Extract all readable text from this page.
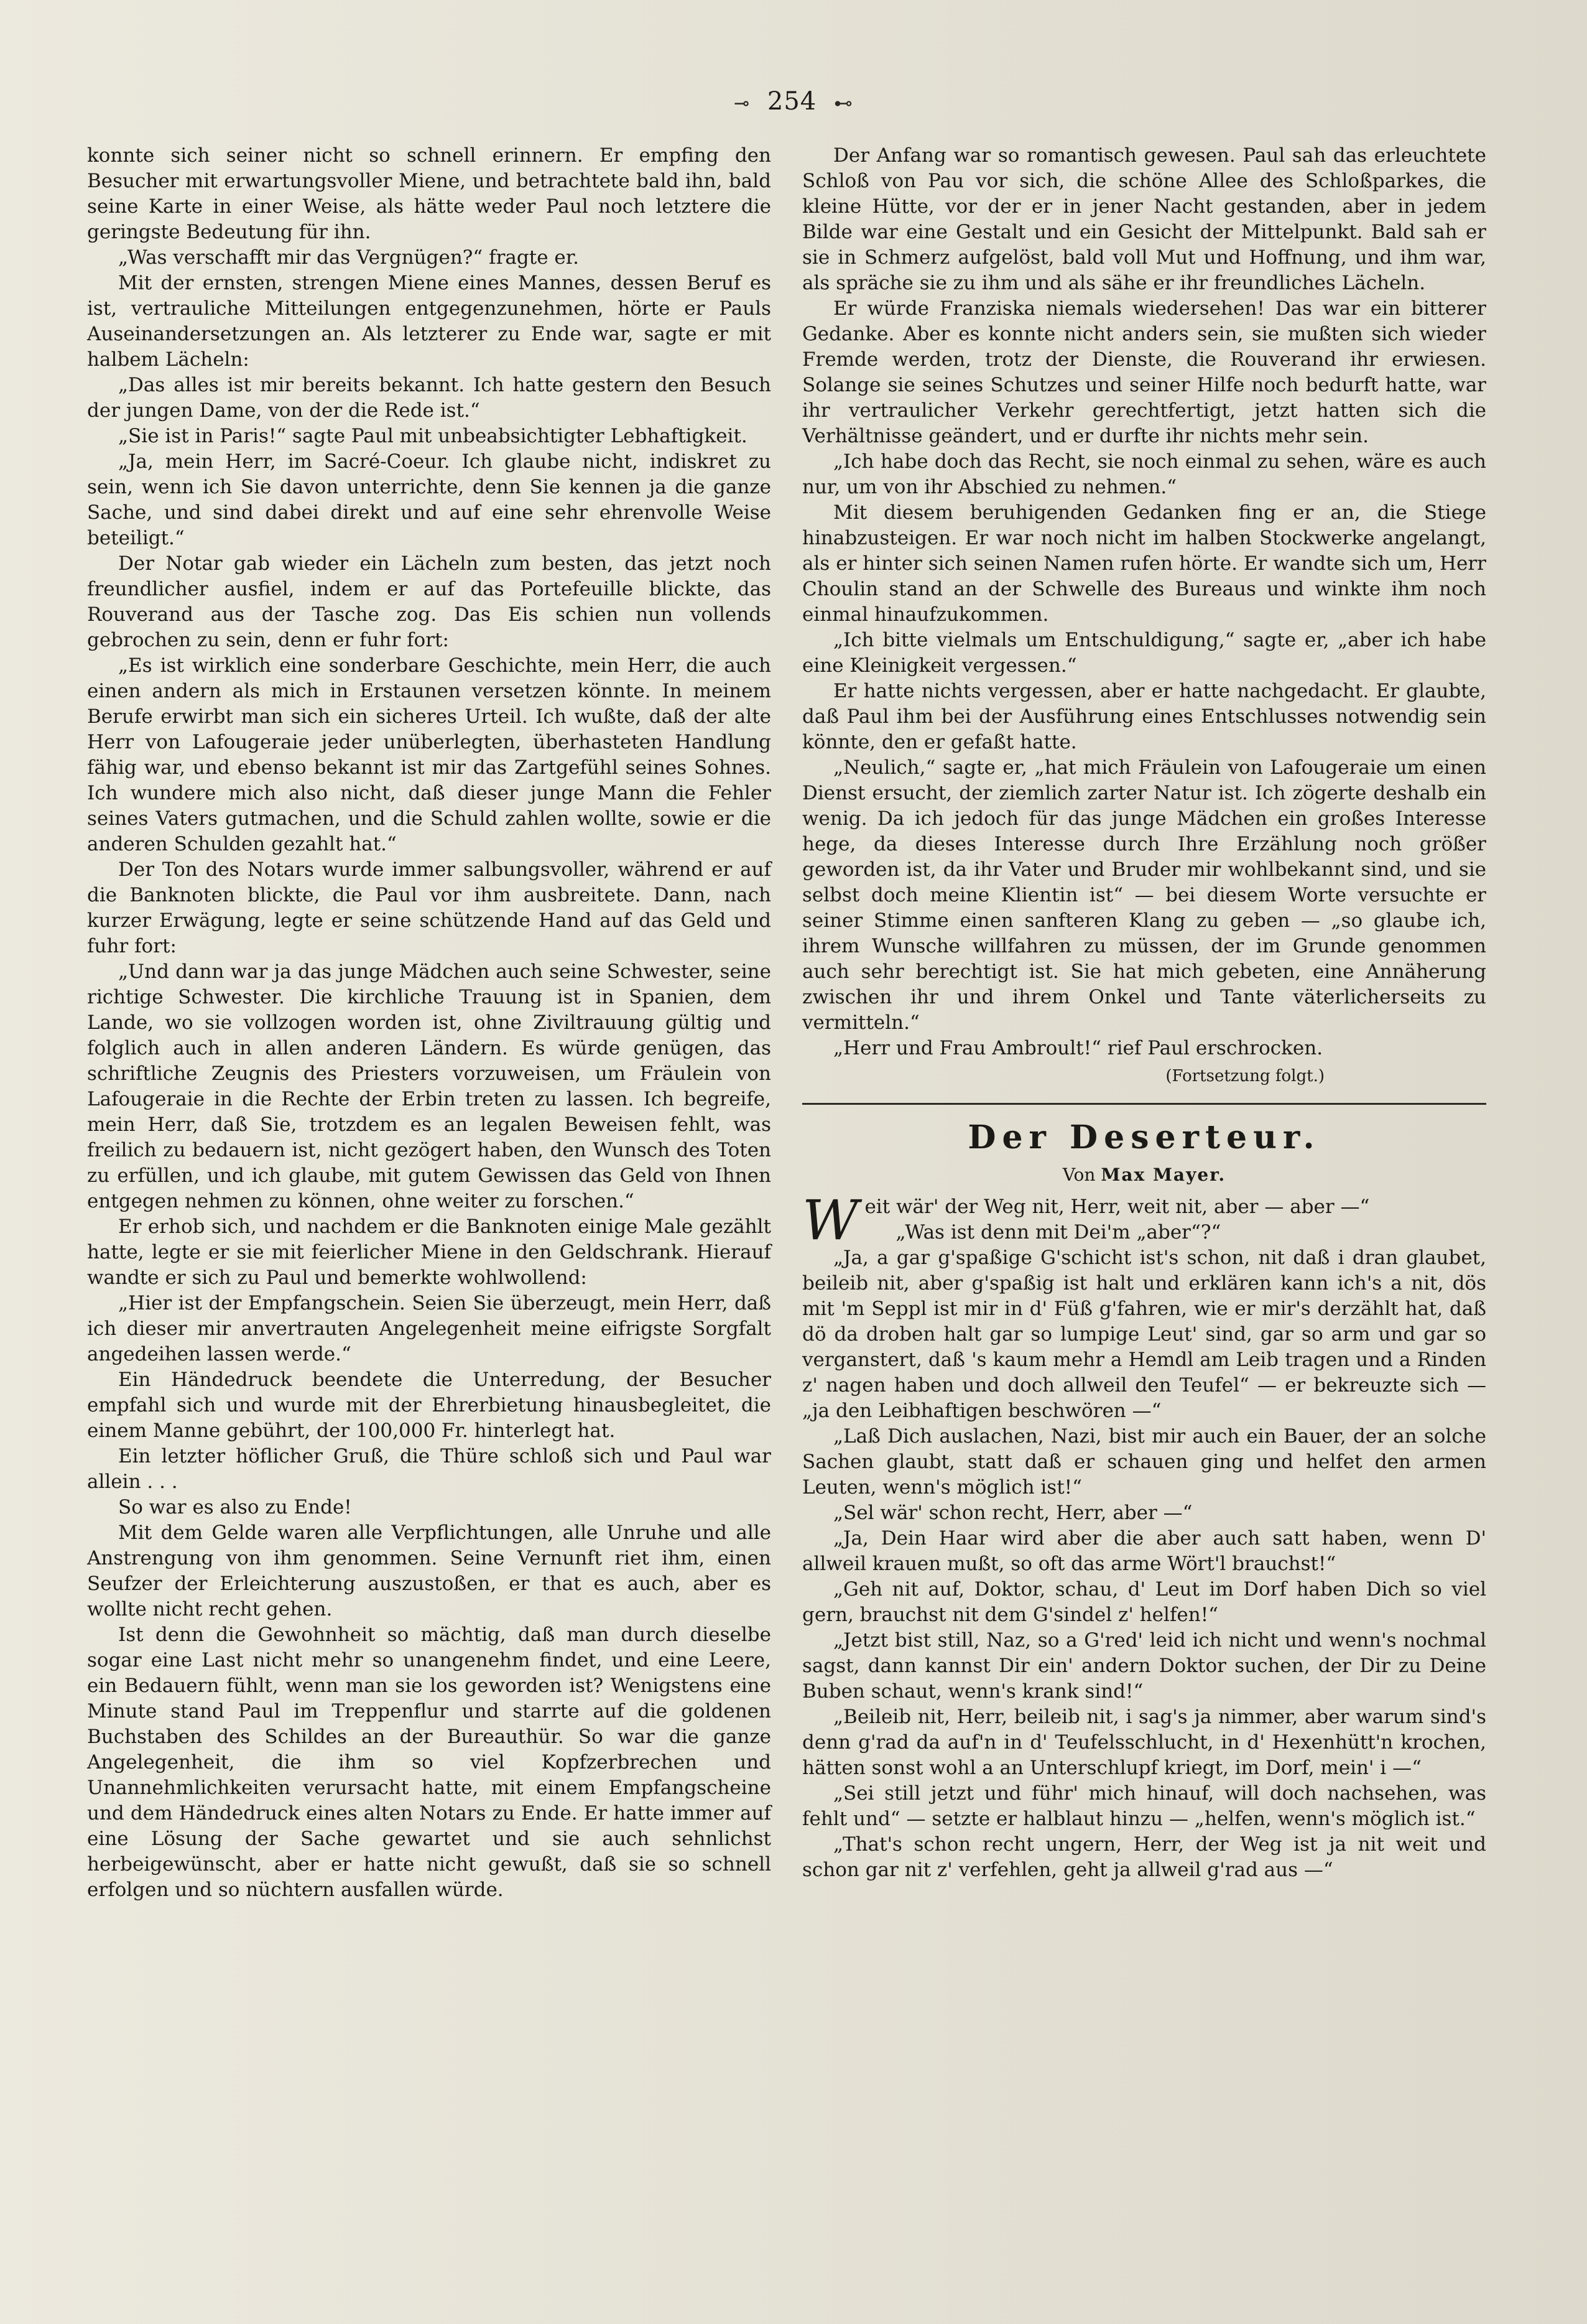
⊸ 254 ⊷

konnte sich seiner nicht so schnell erinnern. Er empfing den Besucher mit erwartungsvoller Miene, und betrachtete bald ihn, bald seine Karte in einer Weise, als hätte weder Paul noch letztere die geringste Bedeutung für ihn.

„Was verschafft mir das Vergnügen?“ fragte er.

Mit der ernsten, strengen Miene eines Mannes, dessen Beruf es ist, vertrauliche Mitteilungen entgegenzunehmen, hörte er Pauls Auseinandersetzungen an. Als letzterer zu Ende war, sagte er mit halbem Lächeln:

„Das alles ist mir bereits bekannt. Ich hatte gestern den Besuch der jungen Dame, von der die Rede ist.“

„Sie ist in Paris!“ sagte Paul mit unbeabsichtigter Lebhaftigkeit.

„Ja, mein Herr, im Sacré-Coeur. Ich glaube nicht, indiskret zu sein, wenn ich Sie davon unterrichte, denn Sie kennen ja die ganze Sache, und sind dabei direkt und auf eine sehr ehrenvolle Weise beteiligt.“

Der Notar gab wieder ein Lächeln zum besten, das jetzt noch freundlicher ausfiel, indem er auf das Portefeuille blickte, das Rouverand aus der Tasche zog. Das Eis schien nun vollends gebrochen zu sein, denn er fuhr fort:

„Es ist wirklich eine sonderbare Geschichte, mein Herr, die auch einen andern als mich in Erstaunen versetzen könnte. In meinem Berufe erwirbt man sich ein sicheres Urteil. Ich wußte, daß der alte Herr von Lafougeraie jeder unüberlegten, überhasteten Handlung fähig war, und ebenso bekannt ist mir das Zartgefühl seines Sohnes. Ich wundere mich also nicht, daß dieser junge Mann die Fehler seines Vaters gutmachen, und die Schuld zahlen wollte, sowie er die anderen Schulden gezahlt hat.“

Der Ton des Notars wurde immer salbungsvoller, während er auf die Banknoten blickte, die Paul vor ihm ausbreitete. Dann, nach kurzer Erwägung, legte er seine schützende Hand auf das Geld und fuhr fort:

„Und dann war ja das junge Mädchen auch seine Schwester, seine richtige Schwester. Die kirchliche Trauung ist in Spanien, dem Lande, wo sie vollzogen worden ist, ohne Ziviltrauung gültig und folglich auch in allen anderen Ländern. Es würde genügen, das schriftliche Zeugnis des Priesters vorzuweisen, um Fräulein von Lafougeraie in die Rechte der Erbin treten zu lassen. Ich begreife, mein Herr, daß Sie, trotzdem es an legalen Beweisen fehlt, was freilich zu bedauern ist, nicht gezögert haben, den Wunsch des Toten zu erfüllen, und ich glaube, mit gutem Gewissen das Geld von Ihnen entgegen nehmen zu können, ohne weiter zu forschen.“

Er erhob sich, und nachdem er die Banknoten einige Male gezählt hatte, legte er sie mit feierlicher Miene in den Geldschrank. Hierauf wandte er sich zu Paul und bemerkte wohlwollend:

„Hier ist der Empfangschein. Seien Sie überzeugt, mein Herr, daß ich dieser mir anvertrauten Angelegenheit meine eifrigste Sorgfalt angedeihen lassen werde.“

Ein Händedruck beendete die Unterredung, der Besucher empfahl sich und wurde mit der Ehrerbietung hinausbegleitet, die einem Manne gebührt, der 100,000 Fr. hinterlegt hat.

Ein letzter höflicher Gruß, die Thüre schloß sich und Paul war allein . . .

So war es also zu Ende!

Mit dem Gelde waren alle Verpflichtungen, alle Unruhe und alle Anstrengung von ihm genommen. Seine Vernunft riet ihm, einen Seufzer der Erleichterung auszustoßen, er that es auch, aber es wollte nicht recht gehen.

Ist denn die Gewohnheit so mächtig, daß man durch dieselbe sogar eine Last nicht mehr so unangenehm findet, und eine Leere, ein Bedauern fühlt, wenn man sie los geworden ist? Wenigstens eine Minute stand Paul im Treppenflur und starrte auf die goldenen Buchstaben des Schildes an der Bureauthür. So war die ganze Angelegenheit, die ihm so viel Kopfzerbrechen und Unannehmlichkeiten verursacht hatte, mit einem Empfangscheine und dem Händedruck eines alten Notars zu Ende. Er hatte immer auf eine Lösung der Sache gewartet und sie auch sehnlichst herbeigewünscht, aber er hatte nicht gewußt, daß sie so schnell erfolgen und so nüchtern ausfallen würde.

Der Anfang war so romantisch gewesen. Paul sah das erleuchtete Schloß von Pau vor sich, die schöne Allee des Schloßparkes, die kleine Hütte, vor der er in jener Nacht gestanden, aber in jedem Bilde war eine Gestalt und ein Gesicht der Mittelpunkt. Bald sah er sie in Schmerz aufgelöst, bald voll Mut und Hoffnung, und ihm war, als spräche sie zu ihm und als sähe er ihr freundliches Lächeln.

Er würde Franziska niemals wiedersehen! Das war ein bitterer Gedanke. Aber es konnte nicht anders sein, sie mußten sich wieder Fremde werden, trotz der Dienste, die Rouverand ihr erwiesen. Solange sie seines Schutzes und seiner Hilfe noch bedurft hatte, war ihr vertraulicher Verkehr gerechtfertigt, jetzt hatten sich die Verhältnisse geändert, und er durfte ihr nichts mehr sein.

„Ich habe doch das Recht, sie noch einmal zu sehen, wäre es auch nur, um von ihr Abschied zu nehmen.“

Mit diesem beruhigenden Gedanken fing er an, die Stiege hinabzusteigen. Er war noch nicht im halben Stockwerke angelangt, als er hinter sich seinen Namen rufen hörte. Er wandte sich um, Herr Choulin stand an der Schwelle des Bureaus und winkte ihm noch einmal hinaufzukommen.

„Ich bitte vielmals um Entschuldigung,“ sagte er, „aber ich habe eine Kleinigkeit vergessen.“

Er hatte nichts vergessen, aber er hatte nachgedacht. Er glaubte, daß Paul ihm bei der Ausführung eines Entschlusses notwendig sein könnte, den er gefaßt hatte.

„Neulich,“ sagte er, „hat mich Fräulein von Lafougeraie um einen Dienst ersucht, der ziemlich zarter Natur ist. Ich zögerte deshalb ein wenig. Da ich jedoch für das junge Mädchen ein großes Interesse hege, da dieses Interesse durch Ihre Erzählung noch größer geworden ist, da ihr Vater und Bruder mir wohlbekannt sind, und sie selbst doch meine Klientin ist“ — bei diesem Worte versuchte er seiner Stimme einen sanfteren Klang zu geben — „so glaube ich, ihrem Wunsche willfahren zu müssen, der im Grunde genommen auch sehr berechtigt ist. Sie hat mich gebeten, eine Annäherung zwischen ihr und ihrem Onkel und Tante väterlicherseits zu vermitteln.“

„Herr und Frau Ambroult!“ rief Paul erschrocken.

(Fortsetzung folgt.)

Der Deserteur.
Von Max Mayer.

Weit wär' der Weg nit, Herr, weit nit, aber — aber —“

„Was ist denn mit Dei'm „aber“?“

„Ja, a gar g'spaßige G'schicht ist's schon, nit daß i dran glaubet, beileib nit, aber g'spaßig ist halt und erklären kann ich's a nit, dös mit 'm Seppl ist mir in d' Füß g'fahren, wie er mir's derzählt hat, daß dö da droben halt gar so lumpige Leut' sind, gar so arm und gar so verganstert, daß 's kaum mehr a Hemdl am Leib tragen und a Rinden z' nagen haben und doch allweil den Teufel“ — er bekreuzte sich — „ja den Leibhaftigen beschwören —“

„Laß Dich auslachen, Nazi, bist mir auch ein Bauer, der an solche Sachen glaubt, statt daß er schauen ging und helfet den armen Leuten, wenn's möglich ist!“

„Sel wär' schon recht, Herr, aber —“

„Ja, Dein Haar wird aber die aber auch satt haben, wenn D' allweil krauen mußt, so oft das arme Wört'l brauchst!“

„Geh nit auf, Doktor, schau, d' Leut im Dorf haben Dich so viel gern, brauchst nit dem G'sindel z' helfen!“

„Jetzt bist still, Naz, so a G'red' leid ich nicht und wenn's nochmal sagst, dann kannst Dir ein' andern Doktor suchen, der Dir zu Deine Buben schaut, wenn's krank sind!“

„Beileib nit, Herr, beileib nit, i sag's ja nimmer, aber warum sind's denn g'rad da auf'n in d' Teufelsschlucht, in d' Hexenhütt'n krochen, hätten sonst wohl a an Unterschlupf kriegt, im Dorf, mein' i —“

„Sei still jetzt und führ' mich hinauf, will doch nachsehen, was fehlt und“ — setzte er halblaut hinzu — „helfen, wenn's möglich ist.“

„That's schon recht ungern, Herr, der Weg ist ja nit weit und schon gar nit z' verfehlen, geht ja allweil g'rad aus —“
